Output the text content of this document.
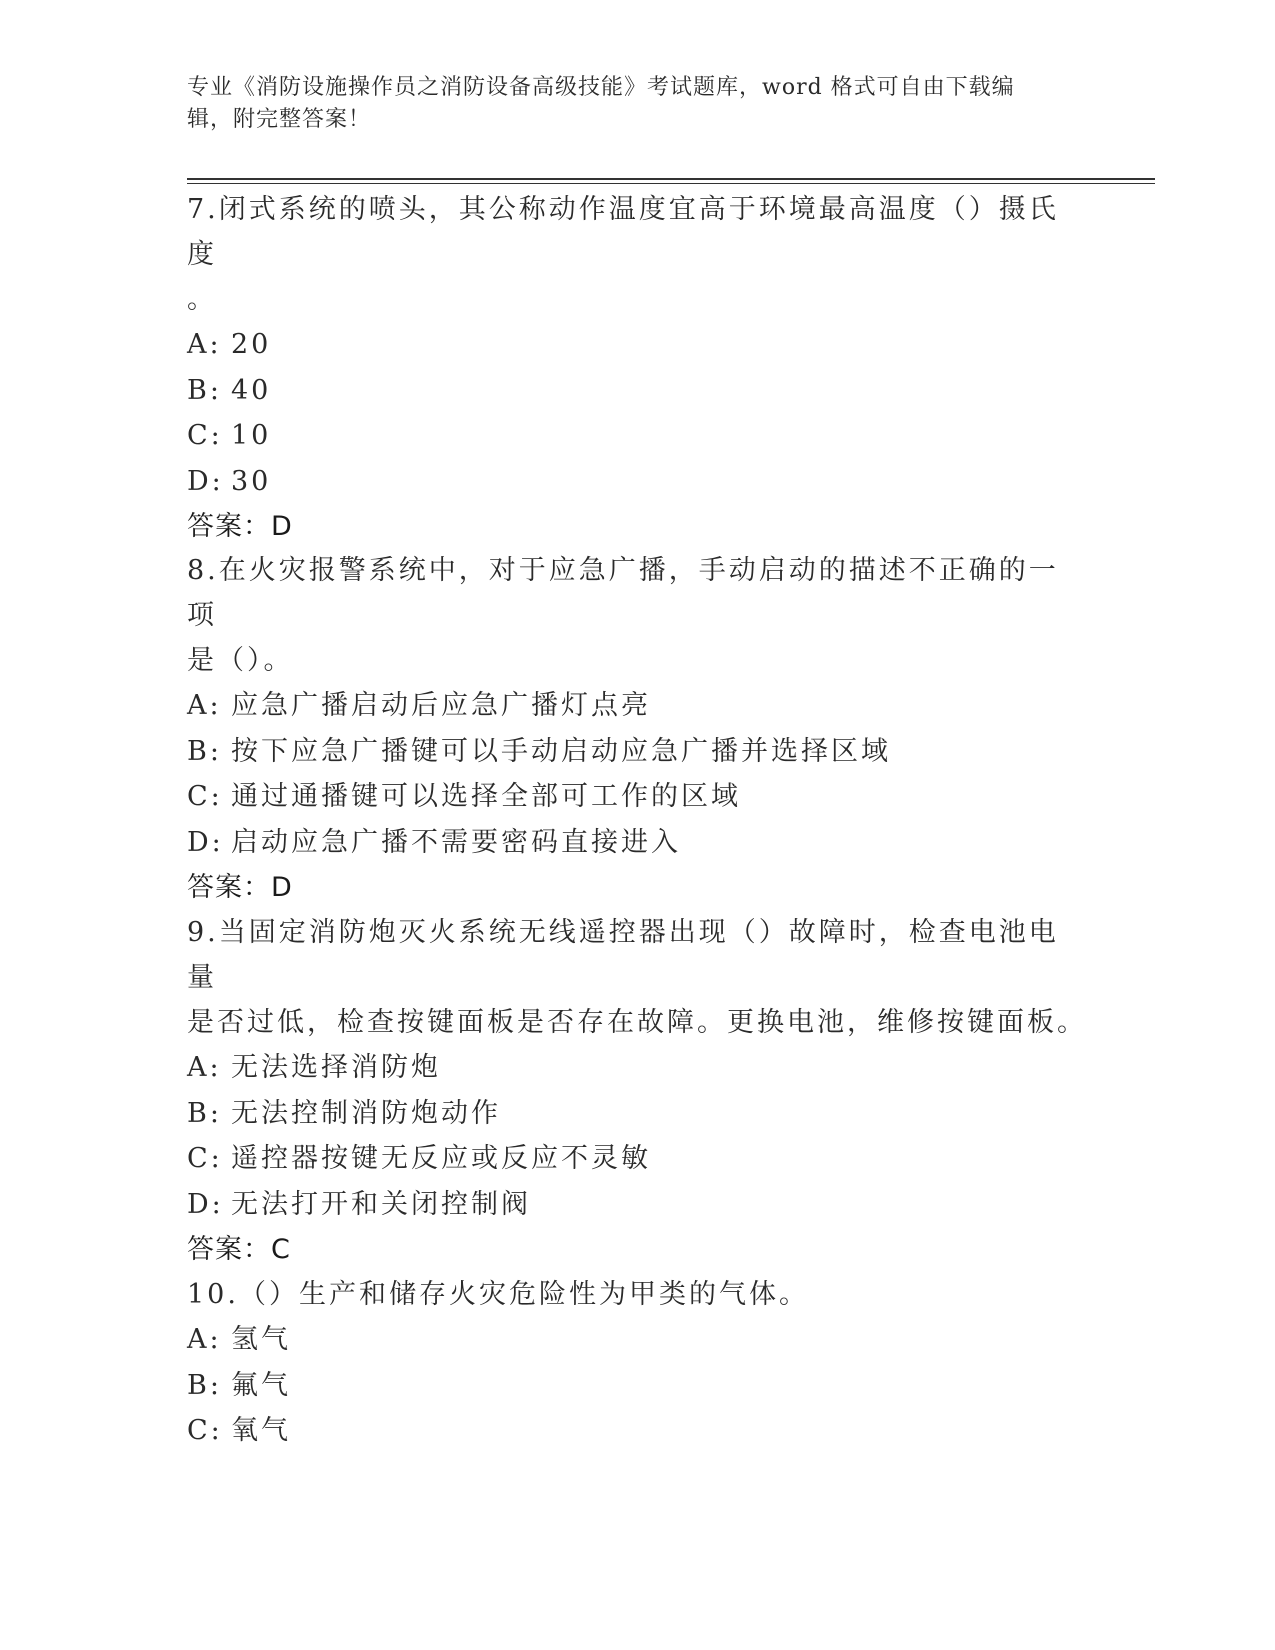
专业《消防设施操作员之消防设备高级技能》考试题库，word 格式可自由下载编
辑，附完整答案！

7.闭式系统的喷头，其公称动作温度宜高于环境最高温度（）摄氏度

。

A: 20

B: 40

C: 10

D: 30

答案：D

8.在火灾报警系统中，对于应急广播，手动启动的描述不正确的一项

是（）。

A: 应急广播启动后应急广播灯点亮

B: 按下应急广播键可以手动启动应急广播并选择区域

C: 通过通播键可以选择全部可工作的区域

D: 启动应急广播不需要密码直接进入

答案：D

9.当固定消防炮灭火系统无线遥控器出现（）故障时，检查电池电量

是否过低，检查按键面板是否存在故障。更换电池，维修按键面板。

A: 无法选择消防炮

B: 无法控制消防炮动作

C: 遥控器按键无反应或反应不灵敏

D: 无法打开和关闭控制阀

答案：C

10.（）生产和储存火灾危险性为甲类的气体。

A: 氢气

B: 氟气

C: 氧气
